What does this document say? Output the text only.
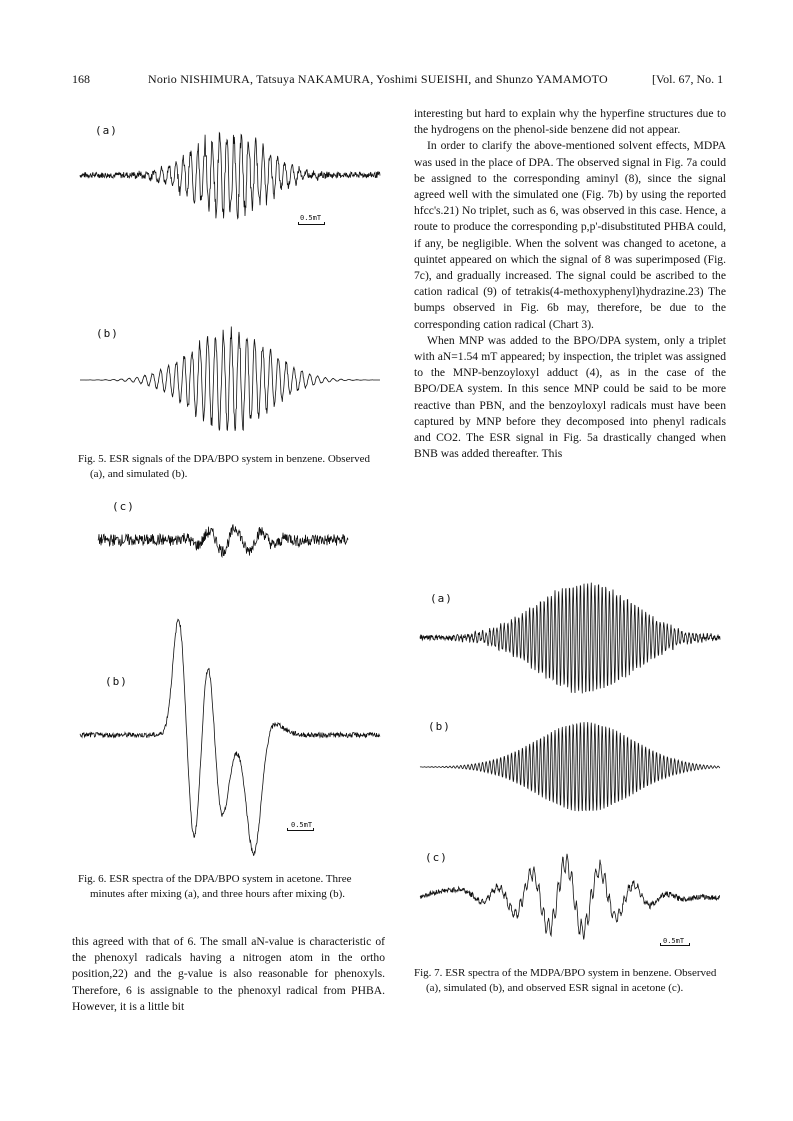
168	Norio NISHIMURA, Tatsuya NAKAMURA, Yoshimi SUEISHI, and Shunzo YAMAMOTO	[Vol. 67, No. 1
(a)
0.5mT
(b)
Fig. 5. ESR signals of the DPA/BPO system in benzene. Observed (a), and simulated (b).
(c)
(b)
0.5mT
Fig. 6. ESR spectra of the DPA/BPO system in acetone. Three minutes after mixing (a), and three hours after mixing (b).

this agreed with that of 6. The small aN-value is characteristic of the phenoxyl radicals having a nitrogen atom in the ortho position,22) and the g-value is also reasonable for phenoxyls. Therefore, 6 is assignable to the phenoxyl radical from PHBA. However, it is a little bit

interesting but hard to explain why the hyperfine structures due to the hydrogens on the phenol-side benzene did not appear.

In order to clarify the above-mentioned solvent effects, MDPA was used in the place of DPA. The observed signal in Fig. 7a could be assigned to the corresponding aminyl (8), since the signal agreed well with the simulated one (Fig. 7b) by using the reported hfcc's.21) No triplet, such as 6, was observed in this case. Hence, a route to produce the corresponding p,p'-disubstituted PHBA could, if any, be negligible. When the solvent was changed to acetone, a quintet appeared on which the signal of 8 was superimposed (Fig. 7c), and gradually increased. The signal could be ascribed to the cation radical (9) of tetrakis(4-methoxyphenyl)hydrazine.23) The bumps observed in Fig. 6b may, therefore, be due to the corresponding cation radical (Chart 3).

When MNP was added to the BPO/DPA system, only a triplet with aN=1.54 mT appeared; by inspection, the triplet was assigned to the MNP-benzoyloxyl adduct (4), as in the case of the BPO/DEA system. In this sence MNP could be said to be more reactive than PBN, and the benzoyloxyl radicals must have been captured by MNP before they decomposed into phenyl radicals and CO2. The ESR signal in Fig. 5a drastically changed when BNB was added thereafter. This

(a)
(b)
(c)
0.5mT
Fig. 7. ESR spectra of the MDPA/BPO system in benzene. Observed (a), simulated (b), and observed ESR signal in acetone (c).
